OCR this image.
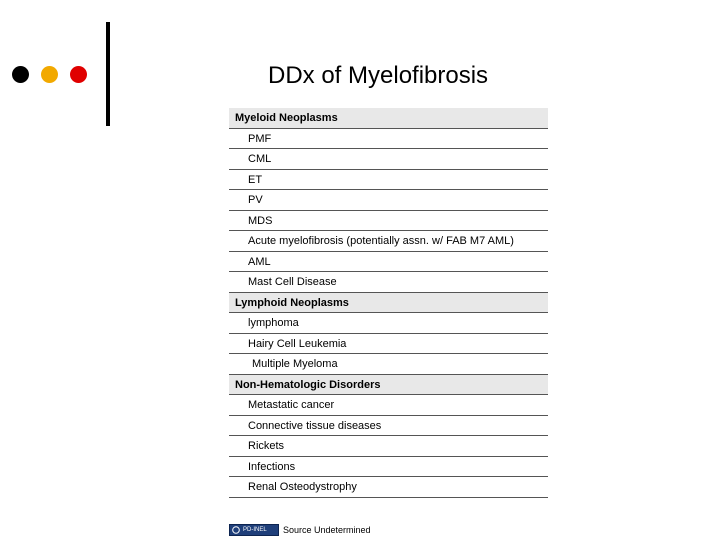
DDx of Myelofibrosis
Myeloid Neoplasms
PMF
CML
ET
PV
MDS
Acute myelofibrosis (potentially assn. w/ FAB M7 AML)
AML
Mast Cell Disease
Lymphoid Neoplasms
lymphoma
Hairy Cell Leukemia
Multiple Myeloma
Non-Hematologic Disorders
Metastatic cancer
Connective tissue diseases
Rickets
Infections
Renal Osteodystrophy
PD-INEL Source Undetermined
